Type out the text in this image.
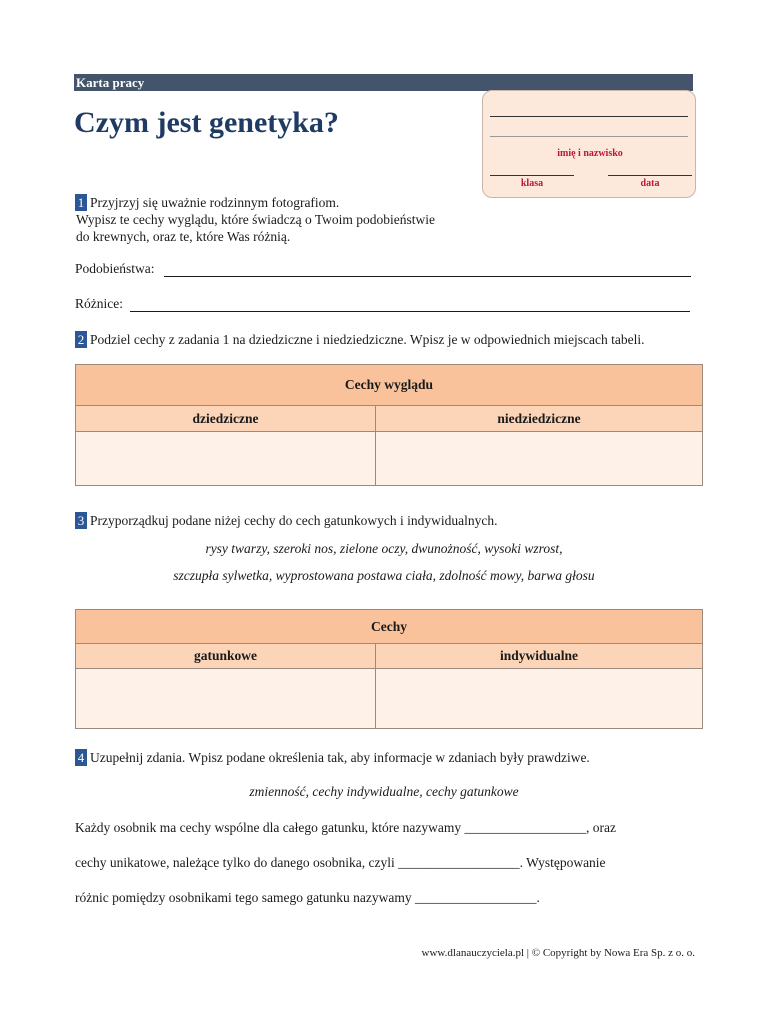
Karta pracy
Czym jest genetyka?
imię i nazwisko
klasa	data
1 Przyjrzyj się uważnie rodzinnym fotografiom.
Wypisz te cechy wyglądu, które świadczą o Twoim podobieństwie
do krewnych, oraz te, które Was różnią.
Podobieństwa:
Różnice:
2 Podziel cechy z zadania 1 na dziedziczne i niedziedziczne. Wpisz je w odpowiednich miejscach tabeli.
Cechy wyglądu	
dziedziczne	niedziedziczne

3 Przyporządkuj podane niżej cechy do cech gatunkowych i indywidualnych.
rysy twarzy, szeroki nos, zielone oczy, dwunożność, wysoki wzrost,
szczupła sylwetka, wyprostowana postawa ciała, zdolność mowy, barwa głosu
Cechy	
gatunkowe	indywidualne

4 Uzupełnij zdania. Wpisz podane określenia tak, aby informacje w zdaniach były prawdziwe.
zmienność, cechy indywidualne, cechy gatunkowe
Każdy osobnik ma cechy wspólne dla całego gatunku, które nazywamy __________________, oraz
cechy unikatowe, należące tylko do danego osobnika, czyli __________________. Występowanie
różnic pomiędzy osobnikami tego samego gatunku nazywamy __________________.
www.dlanauczyciela.pl | © Copyright by Nowa Era Sp. z o. o.
